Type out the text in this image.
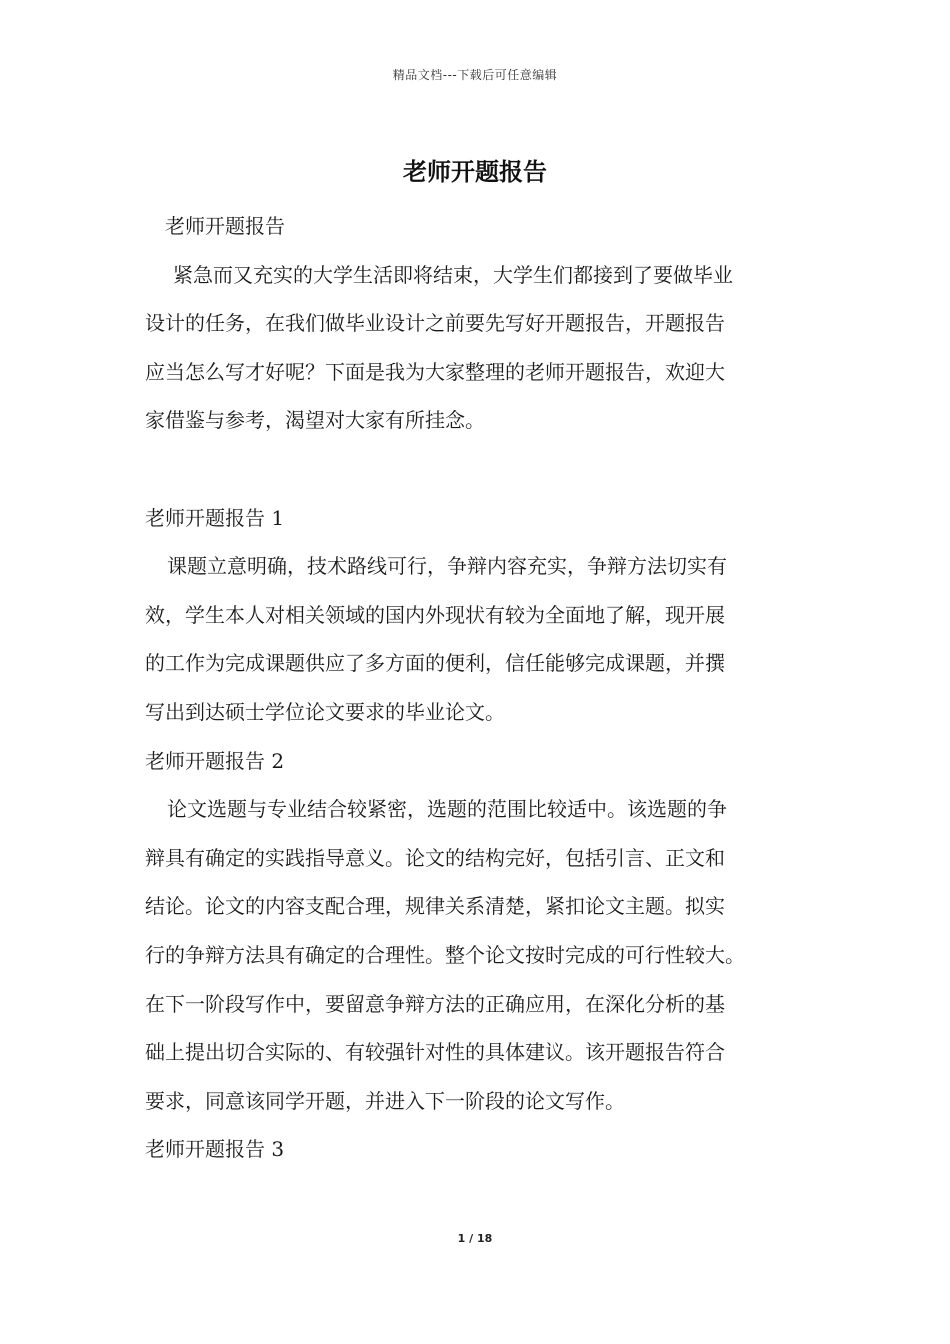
精品文档---下载后可任意编辑
老师开题报告

老师开题报告

紧急而又充实的大学生活即将结束，大学生们都接到了要做毕业

设计的任务，在我们做毕业设计之前要先写好开题报告，开题报告

应当怎么写才好呢？下面是我为大家整理的老师开题报告，欢迎大

家借鉴与参考，渴望对大家有所挂念。

老师开题报告 1

课题立意明确，技术路线可行，争辩内容充实，争辩方法切实有

效，学生本人对相关领域的国内外现状有较为全面地了解，现开展

的工作为完成课题供应了多方面的便利，信任能够完成课题，并撰

写出到达硕士学位论文要求的毕业论文。

老师开题报告 2

论文选题与专业结合较紧密，选题的范围比较适中。该选题的争

辩具有确定的实践指导意义。论文的结构完好，包括引言、正文和

结论。论文的内容支配合理，规律关系清楚，紧扣论文主题。拟实

行的争辩方法具有确定的合理性。整个论文按时完成的可行性较大。

在下一阶段写作中，要留意争辩方法的正确应用，在深化分析的基

础上提出切合实际的、有较强针对性的具体建议。该开题报告符合

要求，同意该同学开题，并进入下一阶段的论文写作。

老师开题报告 3

1 / 18
